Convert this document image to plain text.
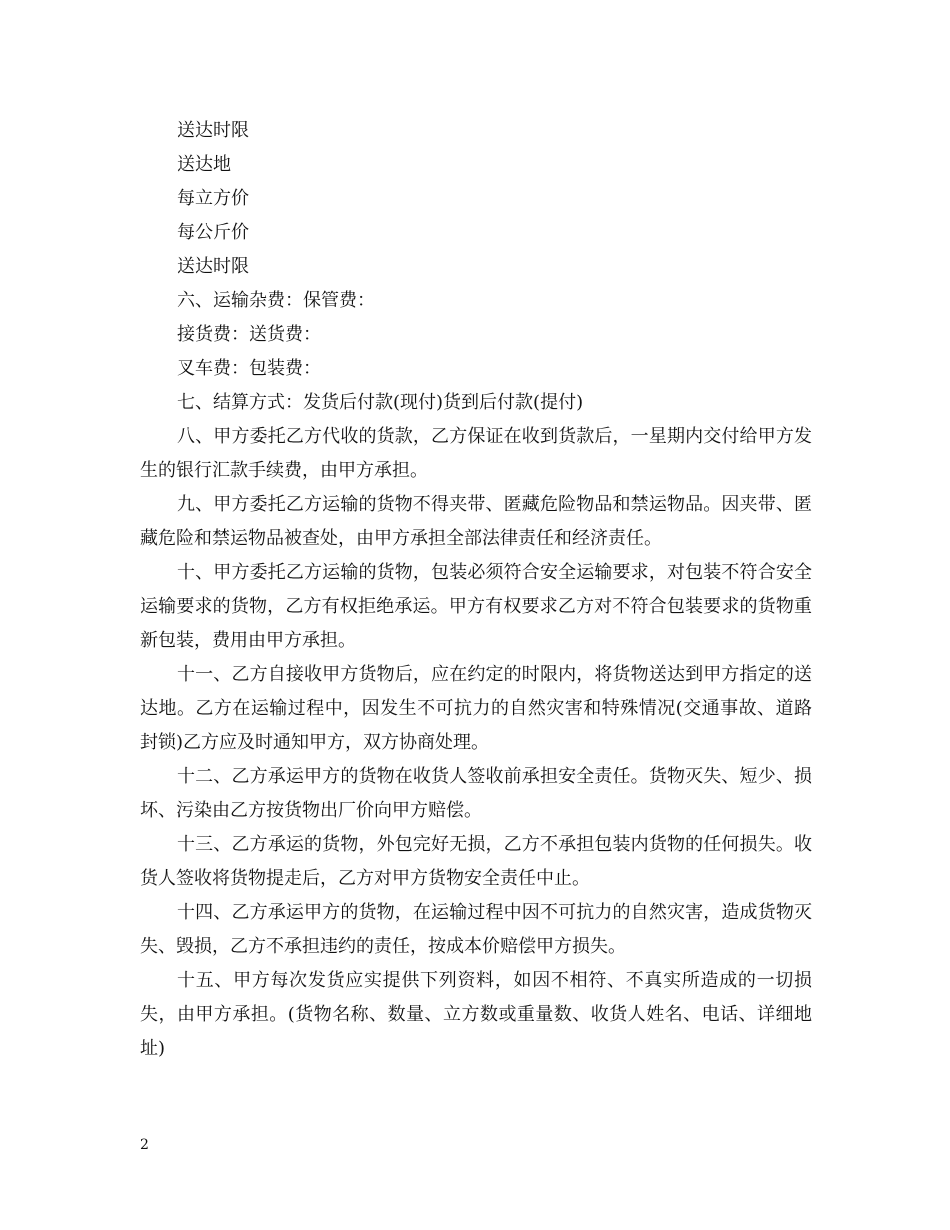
送达时限
送达地
每立方价
每公斤价
送达时限
六、运输杂费：保管费：
接货费：送货费：
叉车费：包装费：
七、结算方式：发货后付款(现付)货到后付款(提付)

八、甲方委托乙方代收的货款，乙方保证在收到货款后，一星期内交付给甲方发生的银行汇款手续费，由甲方承担。

九、甲方委托乙方运输的货物不得夹带、匿藏危险物品和禁运物品。因夹带、匿藏危险和禁运物品被查处，由甲方承担全部法律责任和经济责任。

十、甲方委托乙方运输的货物，包装必须符合安全运输要求，对包装不符合安全运输要求的货物，乙方有权拒绝承运。甲方有权要求乙方对不符合包装要求的货物重新包装，费用由甲方承担。

十一、乙方自接收甲方货物后，应在约定的时限内，将货物送达到甲方指定的送达地。乙方在运输过程中，因发生不可抗力的自然灾害和特殊情况(交通事故、道路封锁)乙方应及时通知甲方，双方协商处理。

十二、乙方承运甲方的货物在收货人签收前承担安全责任。货物灭失、短少、损坏、污染由乙方按货物出厂价向甲方赔偿。

十三、乙方承运的货物，外包完好无损，乙方不承担包装内货物的任何损失。收货人签收将货物提走后，乙方对甲方货物安全责任中止。

十四、乙方承运甲方的货物，在运输过程中因不可抗力的自然灾害，造成货物灭失、毁损，乙方不承担违约的责任，按成本价赔偿甲方损失。

十五、甲方每次发货应实提供下列资料，如因不相符、不真实所造成的一切损失，由甲方承担。(货物名称、数量、立方数或重量数、收货人姓名、电话、详细地址)

2
